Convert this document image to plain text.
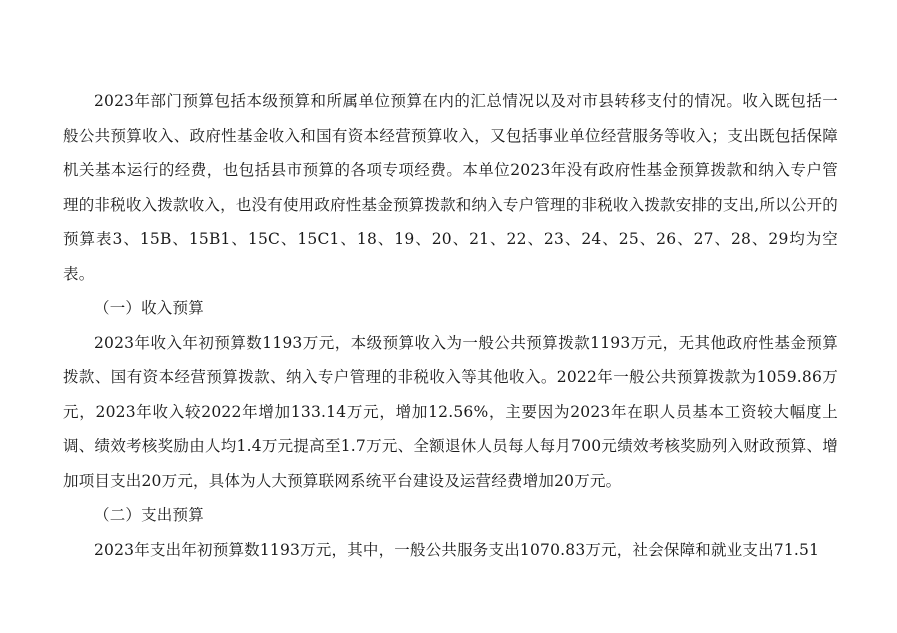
2023年部门预算包括本级预算和所属单位预算在内的汇总情况以及对市县转移支付的情况。收入既包括一般公共预算收入、政府性基金收入和国有资本经营预算收入，又包括事业单位经营服务等收入；支出既包括保障机关基本运行的经费，也包括县市预算的各项专项经费。本单位2023年没有政府性基金预算拨款和纳入专户管理的非税收入拨款收入，也没有使用政府性基金预算拨款和纳入专户管理的非税收入拨款安排的支出,所以公开的预算表3、15B、15B1、15C、15C1、18、19、20、21、22、23、24、25、26、27、28、29均为空表。

（一）收入预算

2023年收入年初预算数1193万元，本级预算收入为一般公共预算拨款1193万元，无其他政府性基金预算拨款、国有资本经营预算拨款、纳入专户管理的非税收入等其他收入。2022年一般公共预算拨款为1059.86万元，2023年收入较2022年增加133.14万元，增加12.56%，主要因为2023年在职人员基本工资较大幅度上调、绩效考核奖励由人均1.4万元提高至1.7万元、全额退休人员每人每月700元绩效考核奖励列入财政预算、增加项目支出20万元，具体为人大预算联网系统平台建设及运营经费增加20万元。

（二）支出预算

2023年支出年初预算数1193万元，其中，一般公共服务支出1070.83万元，社会保障和就业支出71.51
